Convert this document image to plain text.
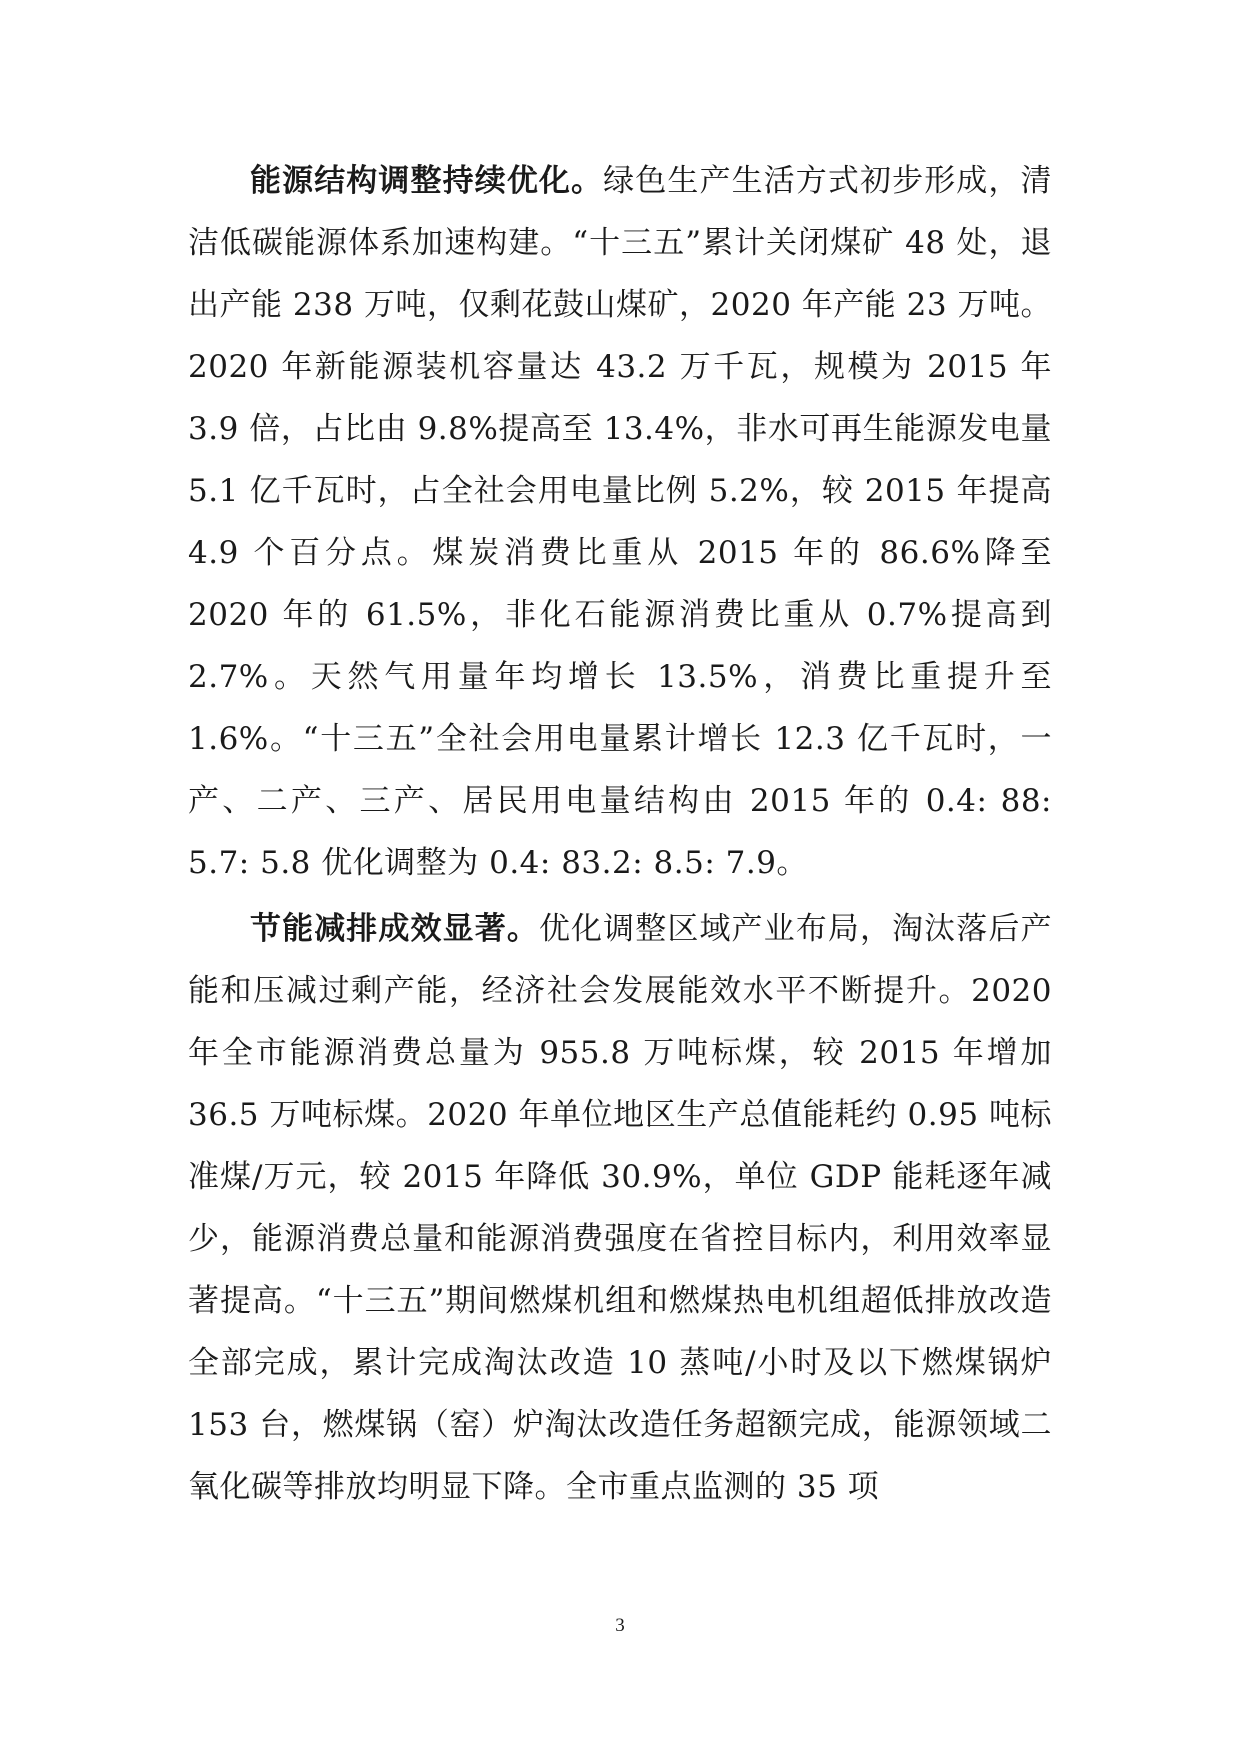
能源结构调整持续优化。绿色生产生活方式初步形成，清洁低碳能源体系加速构建。“十三五”累计关闭煤矿 48 处，退出产能 238 万吨，仅剩花鼓山煤矿，2020 年产能 23 万吨。2020 年新能源装机容量达 43.2 万千瓦，规模为 2015 年 3.9 倍，占比由 9.8%提高至 13.4%，非水可再生能源发电量 5.1 亿千瓦时，占全社会用电量比例 5.2%，较 2015 年提高 4.9 个百分点。煤炭消费比重从 2015 年的 86.6%降至 2020 年的 61.5%，非化石能源消费比重从 0.7%提高到 2.7%。天然气用量年均增长 13.5%，消费比重提升至 1.6%。“十三五”全社会用电量累计增长 12.3 亿千瓦时，一产、二产、三产、居民用电量结构由 2015 年的 0.4: 88: 5.7: 5.8 优化调整为 0.4: 83.2: 8.5: 7.9。

节能减排成效显著。优化调整区域产业布局，淘汰落后产能和压减过剩产能，经济社会发展能效水平不断提升。2020 年全市能源消费总量为 955.8 万吨标煤，较 2015 年增加 36.5 万吨标煤。2020 年单位地区生产总值能耗约 0.95 吨标准煤/万元，较 2015 年降低 30.9%，单位 GDP 能耗逐年减少，能源消费总量和能源消费强度在省控目标内，利用效率显著提高。“十三五”期间燃煤机组和燃煤热电机组超低排放改造全部完成，累计完成淘汰改造 10 蒸吨/小时及以下燃煤锅炉 153 台，燃煤锅（窑）炉淘汰改造任务超额完成，能源领域二氧化碳等排放均明显下降。全市重点监测的 35 项

3
